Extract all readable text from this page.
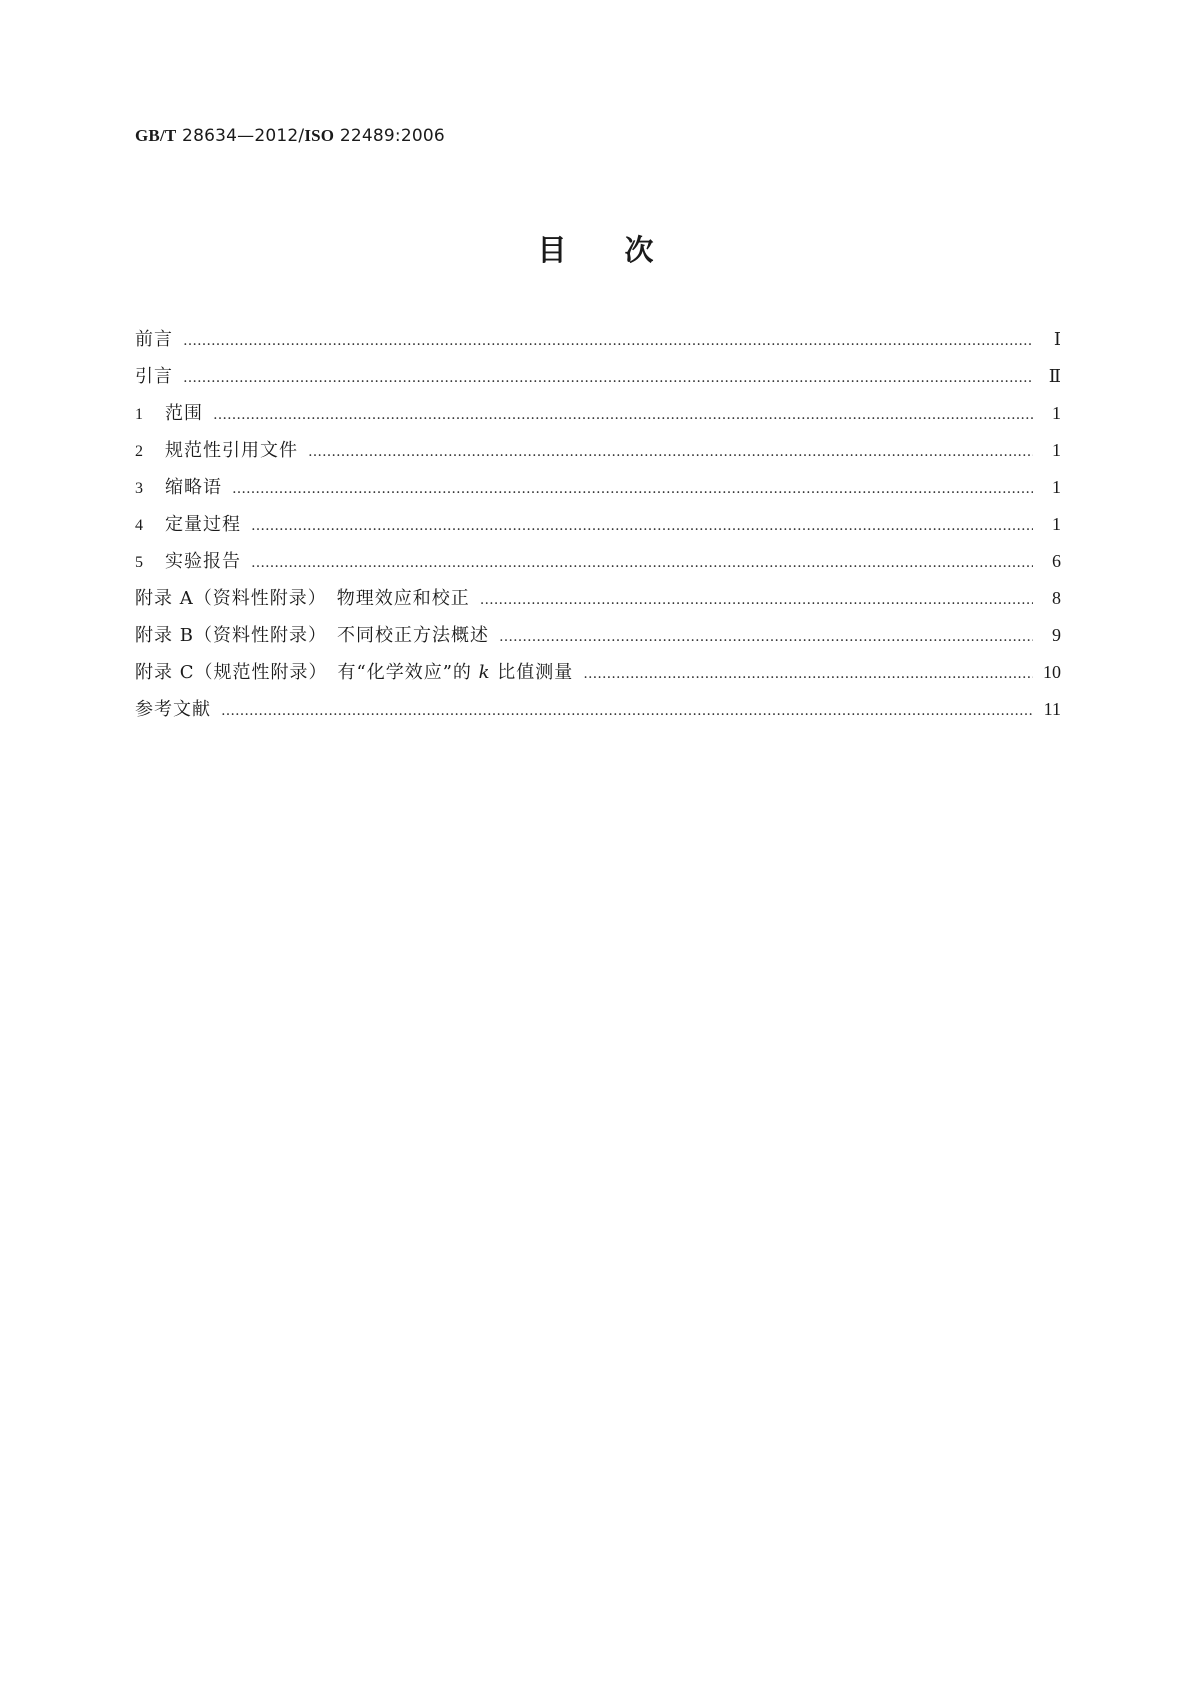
GB/T 28634—2012/ISO 22489:2006
目次
前言 ………………………………………………………………………………………………………………………………………………………………………………………………………………	Ⅰ
引言 ………………………………………………………………………………………………………………………………………………………………………………………………………………	Ⅱ
1 范围 ………………………………………………………………………………………………………………………………………………………………………………………………………………	1
2 规范性引用文件 ………………………………………………………………………………………………………………………………………………………………………………………………………………	1
3 缩略语 ………………………………………………………………………………………………………………………………………………………………………………………………………………	1
4 定量过程 ………………………………………………………………………………………………………………………………………………………………………………………………………………	1
5 实验报告 ………………………………………………………………………………………………………………………………………………………………………………………………………………	6
附录 A（资料性附录）　物理效应和校正 ………………………………………………………………………………………………………………………………………………………………………………………………………………	8
附录 B（资料性附录）　不同校正方法概述 ………………………………………………………………………………………………………………………………………………………………………………………………………………	9
附录 C（规范性附录）　有“化学效应”的 k 比值测量 ………………………………………………………………………………………………………………………………………………………………………………………………………………	10
参考文献 ………………………………………………………………………………………………………………………………………………………………………………………………………………	11
